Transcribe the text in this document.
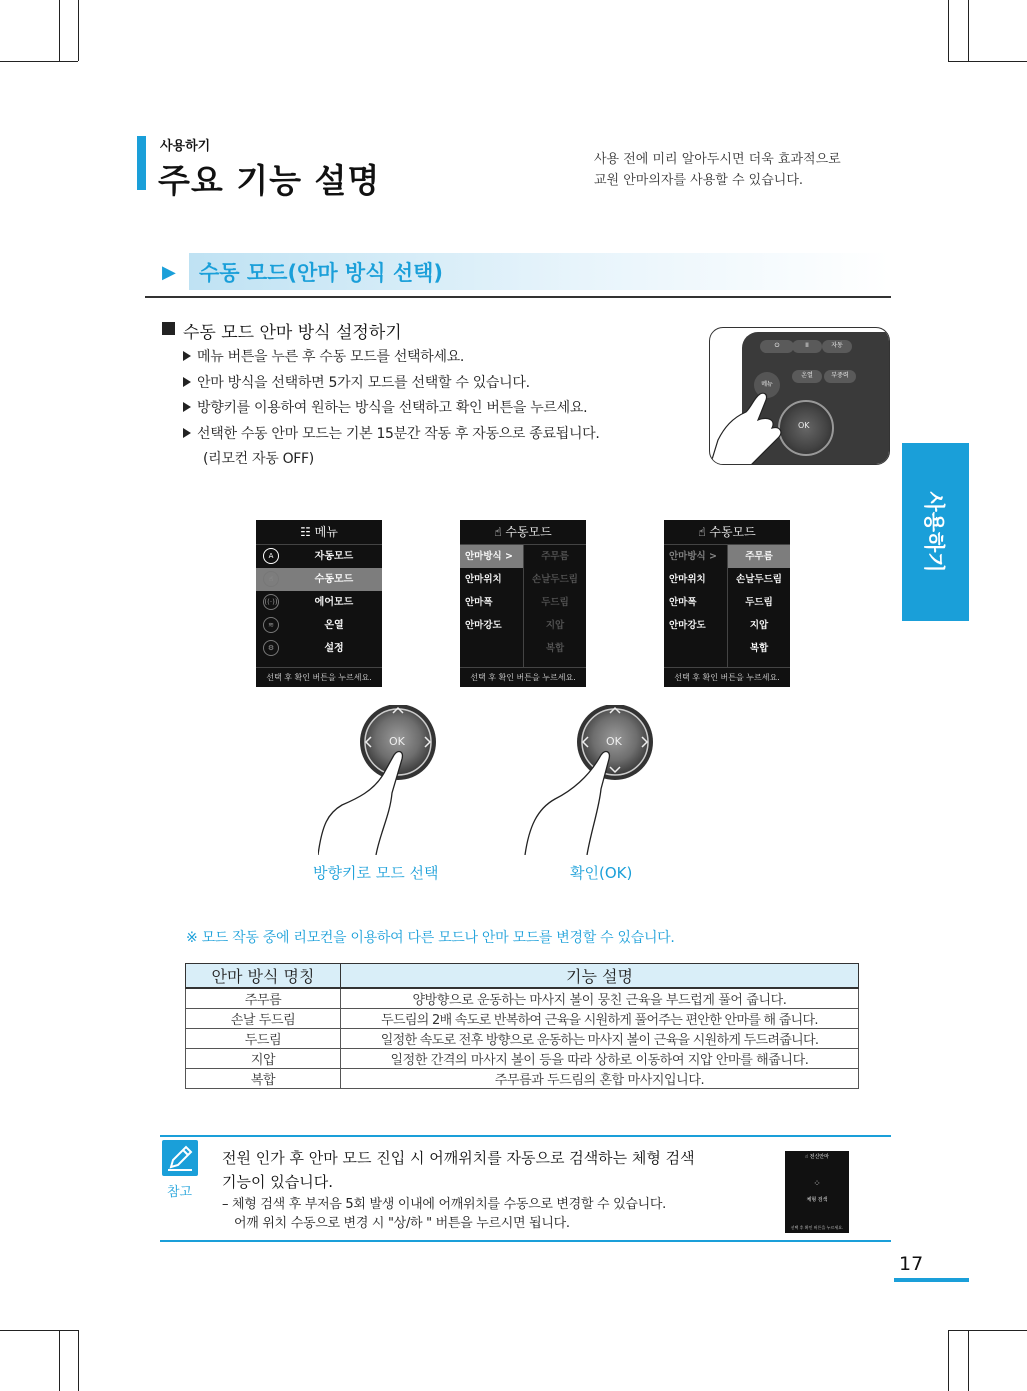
사용하기
주요 기능 설명
사용 전에 미리 알아두시면 더욱 효과적으로
교원 안마의자를 사용할 수 있습니다.
▶ 수동 모드(안마 방식 선택)
수동 모드 안마 방식 설정하기
메뉴 버튼을 누른 후 수동 모드를 선택하세요.
안마 방식을 선택하면 5가지 모드를 선택할 수 있습니다.
방향키를 이용하여 원하는 방식을 선택하고 확인 버튼을 누르세요.
선택한 수동 안마 모드는 기본 15분간 작동 후 자동으로 종료됩니다.
(리모컨 자동 OFF)
⏻	II	자동
온열	부중력
메뉴
OK
사용하기
☷ 메뉴
A	자동모드
☝	수동모드
((·))	에어모드
≋	온열
⚙	설정
선택 후 확인 버튼을 누르세요.
☝ 수동모드
안마방식 >	주무름
안마위치	손날두드림
안마폭	두드림
안마강도	지압
복합
선택 후 확인 버튼을 누르세요.
☝ 수동모드
안마방식 >	주무름
안마위치	손날두드림
안마폭	두드림
안마강도	지압
복합
선택 후 확인 버튼을 누르세요.
OK	OK
방향키로 모드 선택	확인(OK)
※ 모드 작동 중에 리모컨을 이용하여 다른 모드나 안마 모드를 변경할 수 있습니다.
안마 방식 명칭	기능 설명
주무름	양방향으로 운동하는 마사지 볼이 뭉친 근육을 부드럽게 풀어 줍니다.
손날 두드림	두드림의 2배 속도로 반복하여 근육을 시원하게 풀어주는 편안한 안마를 해 줍니다.
두드림	일정한 속도로 전후 방향으로 운동하는 마사지 볼이 근육을 시원하게 두드려줍니다.
지압	일정한 간격의 마사지 볼이 등을 따라 상하로 이동하여 지압 안마를 해줍니다.
복합	주무름과 두드림의 혼합 마사지입니다.
참고
전원 인가 후 안마 모드 진입 시 어깨위치를 자동으로 검색하는 체형 검색
기능이 있습니다.
– 체형 검색 후 부저음 5회 발생 이내에 어깨위치를 수동으로 변경할 수 있습니다.
어깨 위치 수동으로 변경 시 "상/하 " 버튼을 누르시면 됩니다.
☝ 전신안마
⁘
체형 검색
선택 후 확인 버튼을 누르세요.
17
